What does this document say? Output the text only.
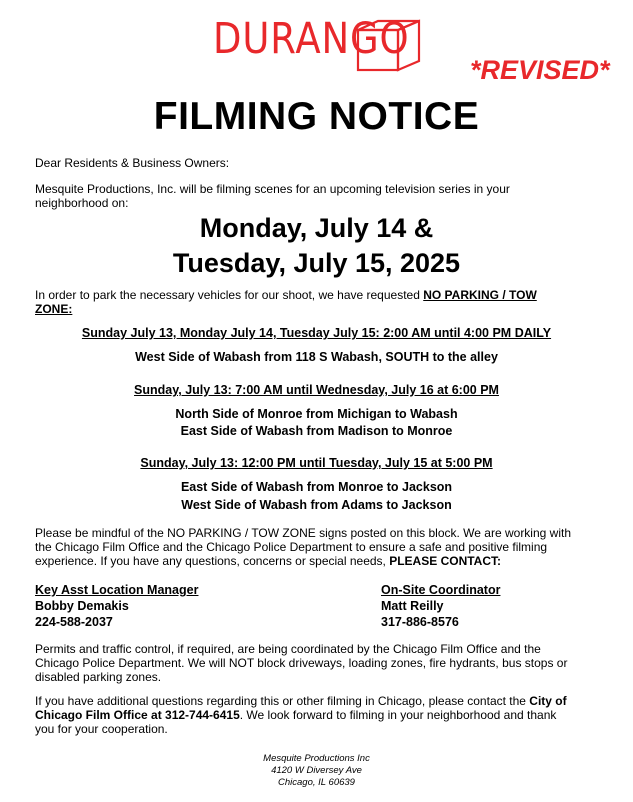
DURANGO
*REVISED*
FILMING NOTICE
Dear Residents & Business Owners:
Mesquite Productions, Inc. will be filming scenes for an upcoming television series in your
neighborhood on:
Monday, July 14 &
Tuesday, July 15, 2025
In order to park the necessary vehicles for our shoot, we have requested NO PARKING / TOW
ZONE:
Sunday July 13, Monday July 14, Tuesday July 15: 2:00 AM until 4:00 PM DAILY
West Side of Wabash from 118 S Wabash, SOUTH to the alley
Sunday, July 13: 7:00 AM until Wednesday, July 16 at 6:00 PM
North Side of Monroe from Michigan to Wabash
East Side of Wabash from Madison to Monroe
Sunday, July 13: 12:00 PM until Tuesday, July 15 at 5:00 PM
East Side of Wabash from Monroe to Jackson
West Side of Wabash from Adams to Jackson
Please be mindful of the NO PARKING / TOW ZONE signs posted on this block. We are working with
the Chicago Film Office and the Chicago Police Department to ensure a safe and positive filming
experience. If you have any questions, concerns or special needs, PLEASE CONTACT:
Key Asst Location Manager
Bobby Demakis
224-588-2037
On-Site Coordinator
Matt Reilly
317-886-8576
Permits and traffic control, if required, are being coordinated by the Chicago Film Office and the
Chicago Police Department. We will NOT block driveways, loading zones, fire hydrants, bus stops or
disabled parking zones.
If you have additional questions regarding this or other filming in Chicago, please contact the City of
Chicago Film Office at 312-744-6415. We look forward to filming in your neighborhood and thank
you for your cooperation.
Mesquite Productions Inc
4120 W Diversey Ave
Chicago, IL 60639
